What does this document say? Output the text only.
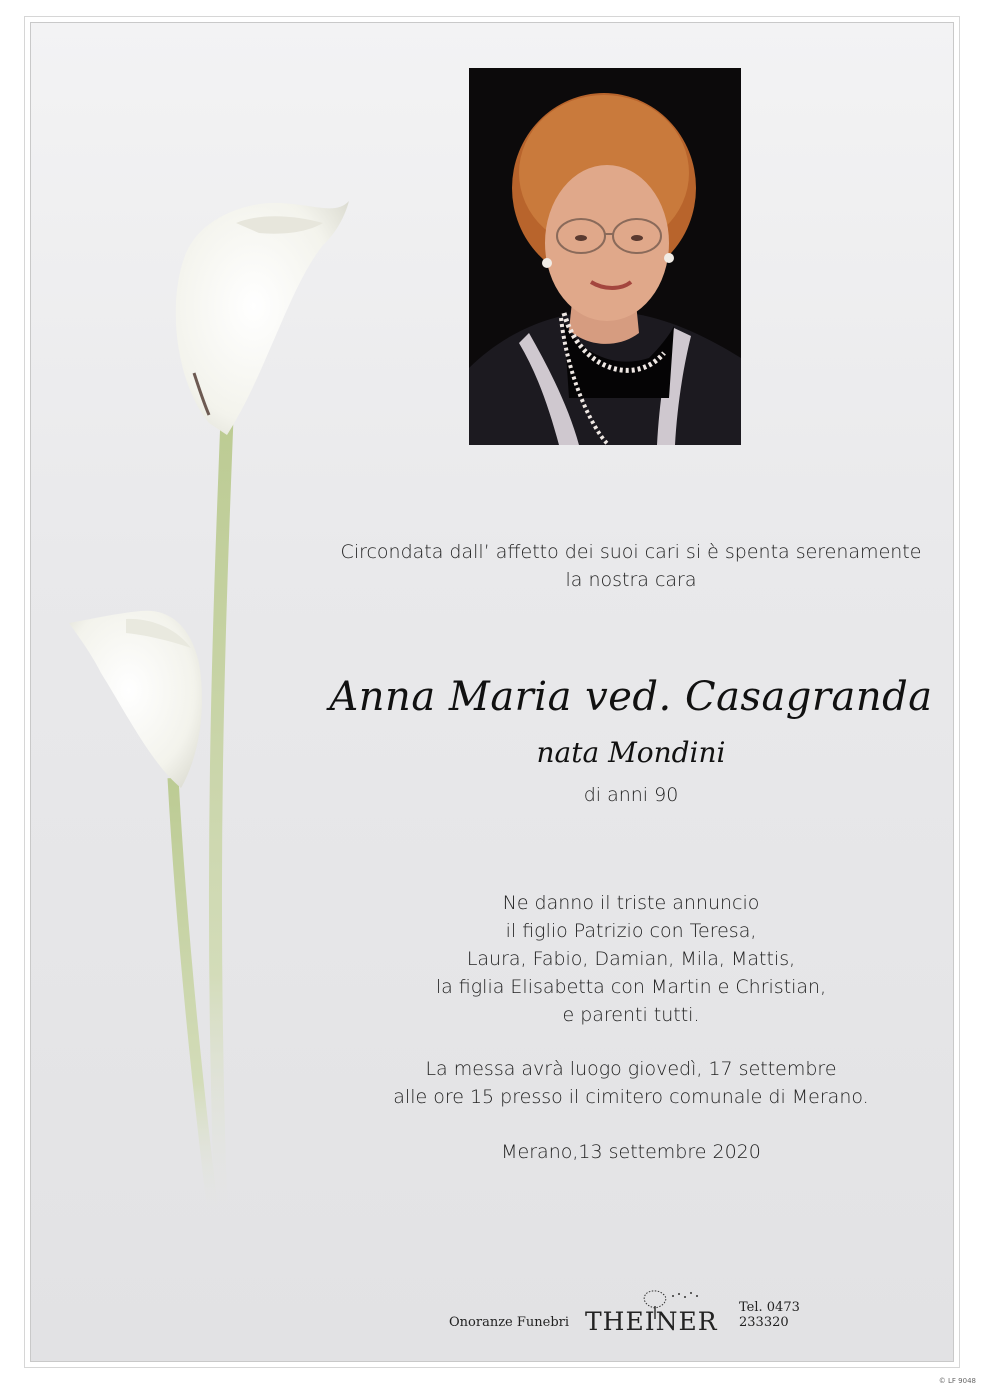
Circondata dall’ affetto dei suoi cari si è spenta serenamente
la nostra cara
Anna Maria ved. Casagranda
nata Mondini
di anni 90
Ne danno il triste annuncio
il figlio Patrizio con Teresa,
Laura, Fabio, Damian, Mila, Mattis,
la figlia Elisabetta con Martin e Christian,
e parenti tutti.
La messa avrà luogo giovedì, 17 settembre
alle ore 15 presso il cimitero comunale di Merano.
Merano,13 settembre 2020
Onoranze Funebri THEINER Tel. 0473 233320
© LF 9048
